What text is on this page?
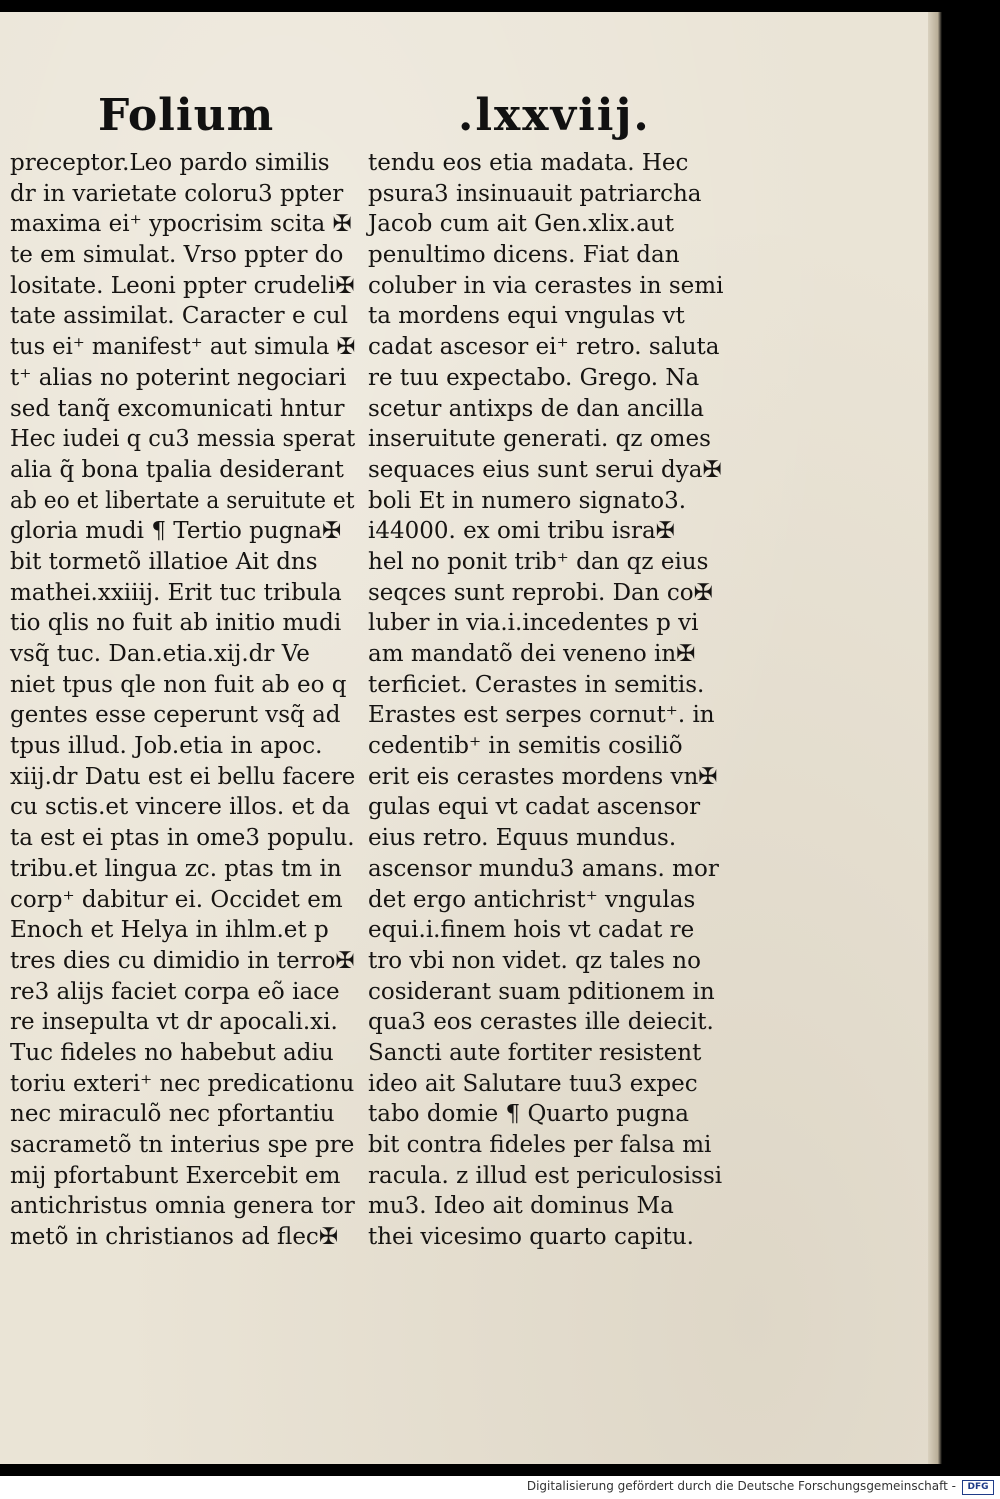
Folium	.lxxviij.
preceptor.Leo pardo similis
dr in varietate coloru3 ppter
maxima ei⁺ ypocrisim scita ✠
te em simulat. Vrso ppter do
lositate. Leoni ppter crudeli✠
tate assimilat. Caracter e cul
tus ei⁺ manifest⁺ aut simula ✠
t⁺ alias no poterint negociari
sed tanq̃ excomunicati hntur
Hec iudei q cu3 messia sperat
alia q̃ bona tpalia desiderant
ab eo et libertate a seruitute et
gloria mudi ¶ Tertio pugna✠
bit tormetõ illatioe Ait dns
mathei.xxiiij. Erit tuc tribula
tio qlis no fuit ab initio mudi
vsq̃ tuc. Dan.etia.xij.dr Ve
niet tpus qle non fuit ab eo q
gentes esse ceperunt vsq̃ ad
tpus illud. Job.etia in apoc.
xiij.dr Datu est ei bellu facere
cu sctis.et vincere illos. et da
ta est ei ptas in ome3 populu.
tribu.et lingua zc. ptas tm in
corp⁺ dabitur ei. Occidet em
Enoch et Helya in ihlm.et p
tres dies cu dimidio in terro✠
re3 alijs faciet corpa eõ iace
re insepulta vt dr apocali.xi.
Tuc fideles no habebut adiu
toriu exteri⁺ nec predicationu
nec miraculõ nec pfortantiu
sacrametõ tn interius spe pre
mij pfortabunt Exercebit em
antichristus omnia genera tor
metõ in christianos ad flec✠
tendu eos etia madata. Hec
psura3 insinuauit patriarcha
Jacob cum ait Gen.xlix.aut
penultimo dicens. Fiat dan
coluber in via cerastes in semi
ta mordens equi vngulas vt
cadat ascesor ei⁺ retro. saluta
re tuu expectabo. Grego. Na
scetur antixps de dan ancilla
inseruitute generati. qz omes
sequaces eius sunt serui dya✠
boli Et in numero signato3.
i44000. ex omi tribu isra✠
hel no ponit trib⁺ dan qz eius
seqces sunt reprobi. Dan co✠
luber in via.i.incedentes p vi
am mandatõ dei veneno in✠
terficiet. Cerastes in semitis.
Erastes est serpes cornut⁺. in
cedentib⁺ in semitis cosiliõ
erit eis cerastes mordens vn✠
gulas equi vt cadat ascensor
eius retro. Equus mundus.
ascensor mundu3 amans. mor
det ergo antichrist⁺ vngulas
equi.i.finem hois vt cadat re
tro vbi non videt. qz tales no
cosiderant suam pditionem in
qua3 eos cerastes ille deiecit.
Sancti aute fortiter resistent
ideo ait Salutare tuu3 expec
tabo domie ¶ Quarto pugna
bit contra fideles per falsa mi
racula. z illud est periculosissi
mu3. Ideo ait dominus Ma
thei vicesimo quarto capitu.
Digitalisierung gefördert durch die Deutsche Forschungsgemeinschaft -	DFG
